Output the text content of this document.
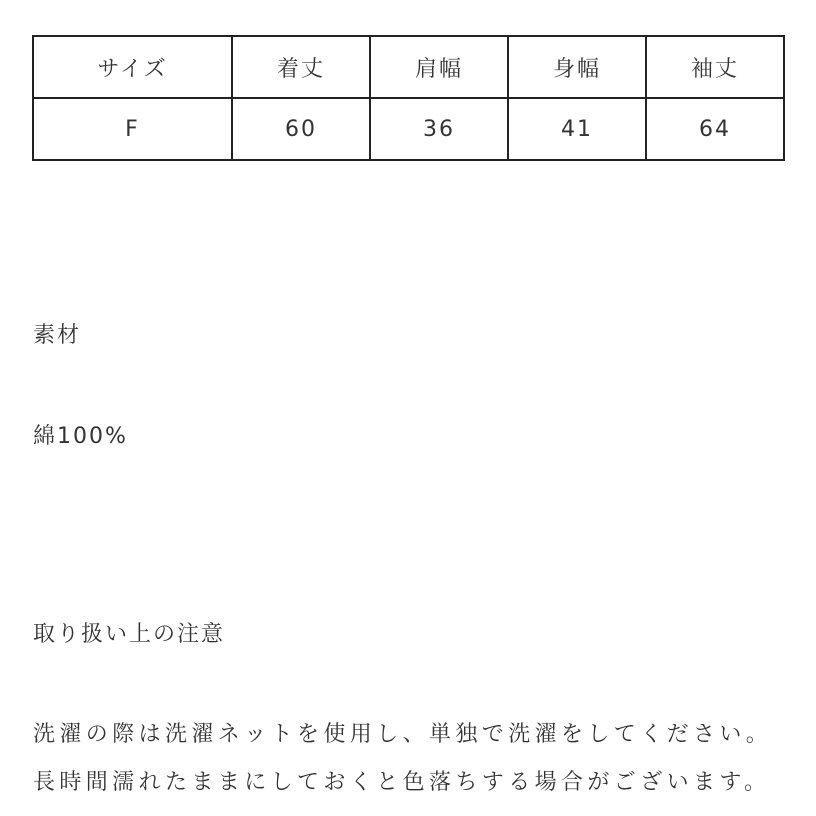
サイズ	着丈	肩幅	身幅	袖丈
F	60	36	41	64

素材

綿100%

取り扱い上の注意

洗濯の際は洗濯ネットを使用し、単独で洗濯をしてください。

長時間濡れたままにしておくと色落ちする場合がございます。
